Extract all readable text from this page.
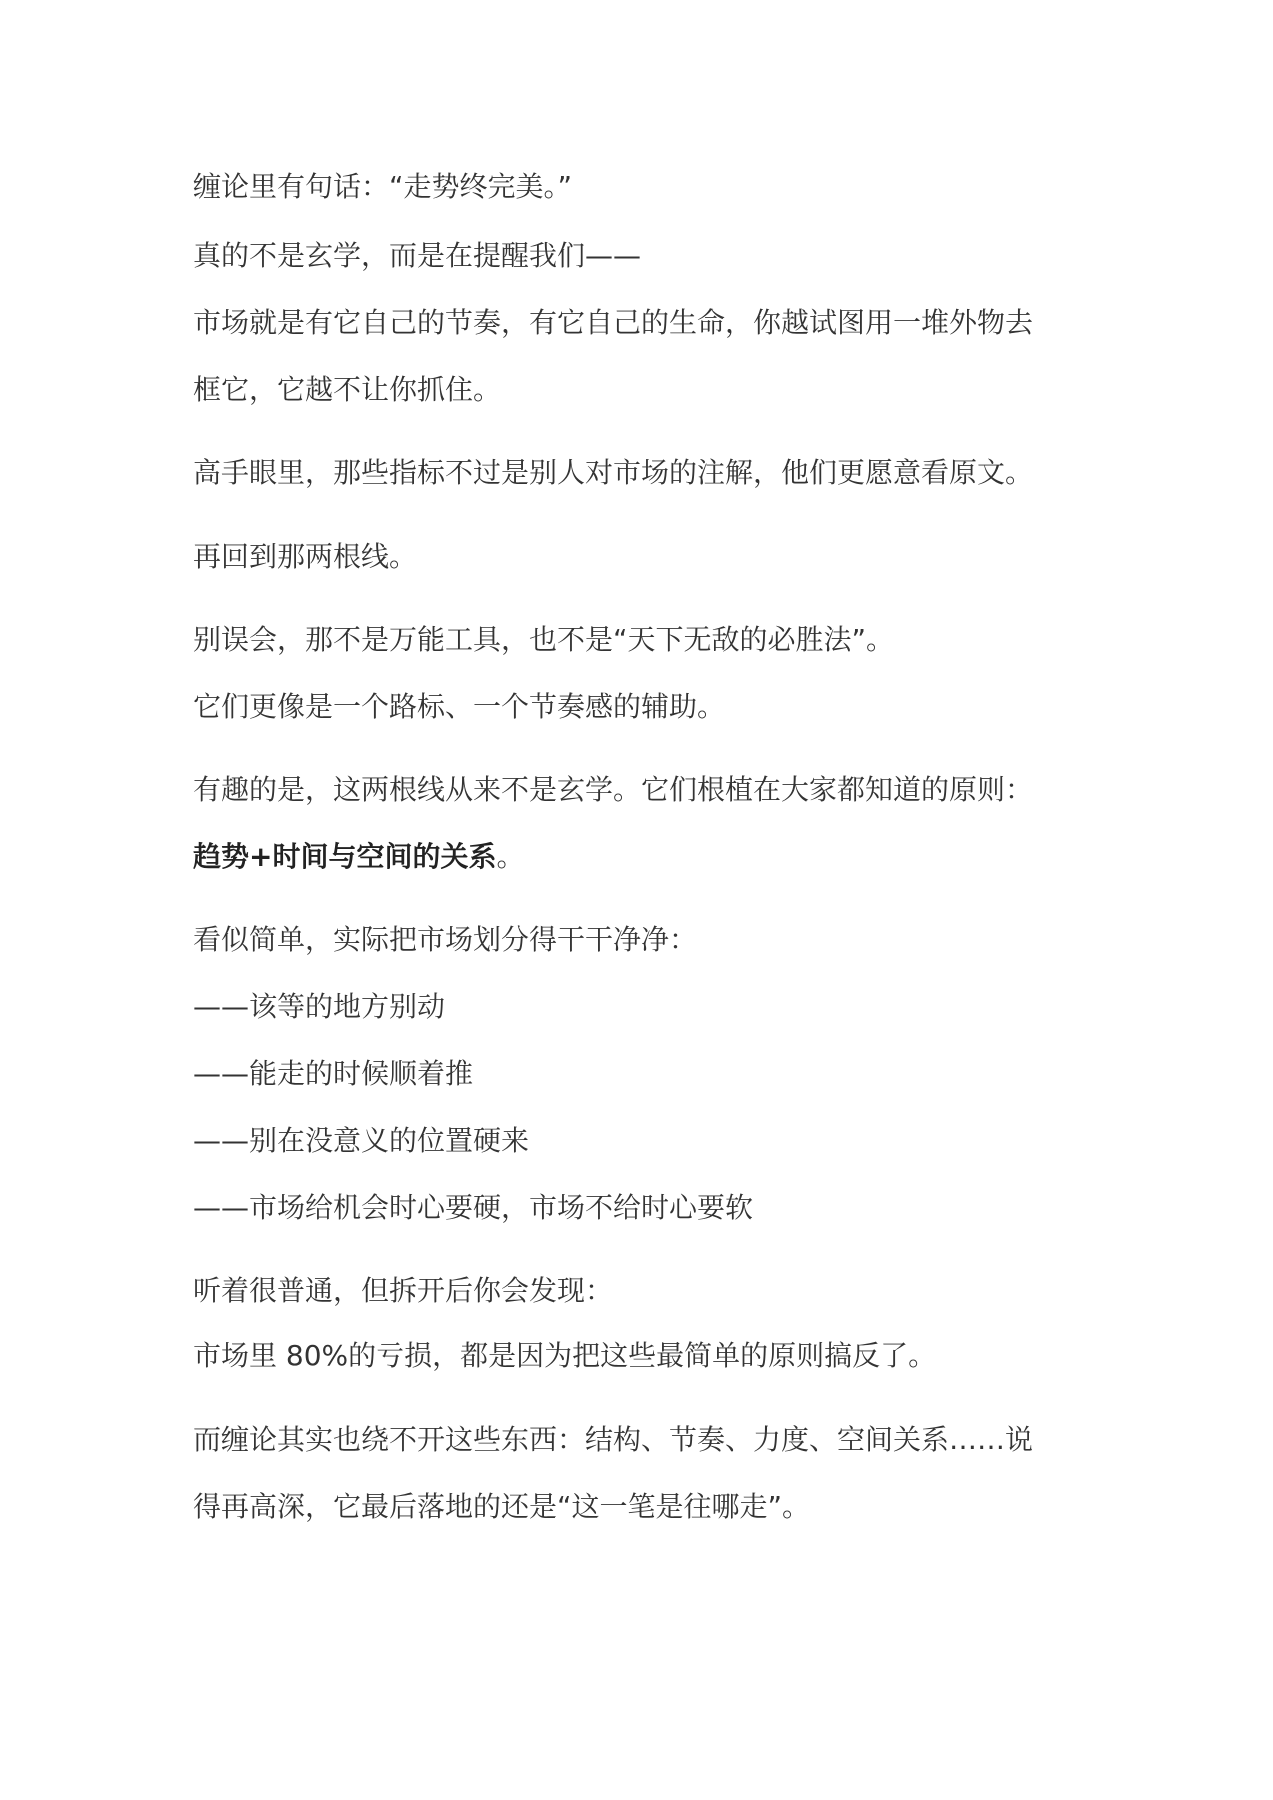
缠论里有句话：“走势终完美。”

真的不是玄学，而是在提醒我们——

市场就是有它自己的节奏，有它自己的生命，你越试图用一堆外物去

框它，它越不让你抓住。

高手眼里，那些指标不过是别人对市场的注解，他们更愿意看原文。

再回到那两根线。

别误会，那不是万能工具，也不是“天下无敌的必胜法”。

它们更像是一个路标、一个节奏感的辅助。

有趣的是，这两根线从来不是玄学。它们根植在大家都知道的原则：

趋势+时间与空间的关系。

看似简单，实际把市场划分得干干净净：

——该等的地方别动

——能走的时候顺着推

——别在没意义的位置硬来

——市场给机会时心要硬，市场不给时心要软

听着很普通，但拆开后你会发现：

市场里 80%的亏损，都是因为把这些最简单的原则搞反了。

而缠论其实也绕不开这些东西：结构、节奏、力度、空间关系……说

得再高深，它最后落地的还是“这一笔是往哪走”。
